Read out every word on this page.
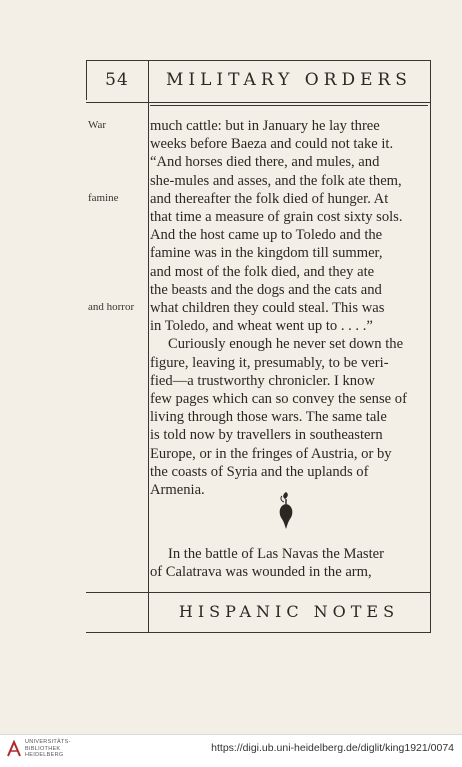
54	MILITARY ORDERS
War
famine
and horror
much cattle: but in January he lay three
weeks before Baeza and could not take it.
“And horses died there, and mules, and
she-mules and asses, and the folk ate them,
and thereafter the folk died of hunger. At
that time a measure of grain cost sixty sols.
And the host came up to Toledo and the
famine was in the kingdom till summer,
and most of the folk died, and they ate
the beasts and the dogs and the cats and
what children they could steal. This was
in Toledo, and wheat went up to . . . .”
Curiously enough he never set down the
figure, leaving it, presumably, to be veri-
fied—a trustworthy chronicler. I know
few pages which can so convey the sense of
living through those wars. The same tale
is told now by travellers in southeastern
Europe, or in the fringes of Austria, or by
the coasts of Syria and the uplands of
Armenia.
In the battle of Las Navas the Master
of Calatrava was wounded in the arm,
HISPANIC NOTES
UNIVERSITÄTS-
BIBLIOTHEK
HEIDELBERG
https://digi.ub.uni-heidelberg.de/diglit/king1921/0074
